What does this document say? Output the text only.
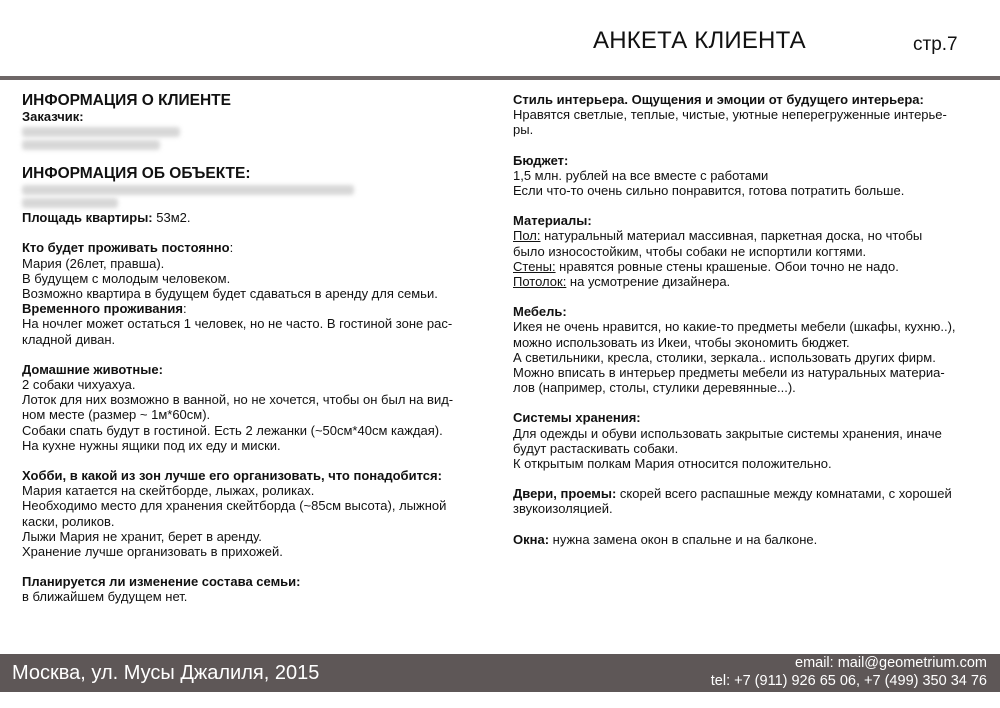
АНКЕТА КЛИЕНТА	стр.7
ИНФОРМАЦИЯ О КЛИЕНТЕ
Заказчик:
ИНФОРМАЦИЯ ОБ ОБЪЕКТЕ:
Площадь квартиры: 53м2.
Кто будет проживать постоянно:
Мария (26лет, правша).
В будущем с молодым человеком.
Возможно квартира в будущем будет сдаваться в аренду для семьи.
Временного проживания:
На ночлег может остаться 1 человек, но не часто. В гостиной зоне рас-
кладной диван.
Домашние животные:
2 собаки чихуахуа.
Лоток для них возможно в ванной, но не хочется, чтобы он был на вид-
ном месте (размер ~ 1м*60см).
Собаки спать будут в гостиной. Есть 2 лежанки (~50см*40см каждая).
На кухне нужны ящики под их еду и миски.
Хобби, в какой из зон лучше его организовать, что понадобится:
Мария катается на скейтборде, лыжах, роликах.
Необходимо место для хранения скейтборда (~85см высота), лыжной
каски, роликов.
Лыжи Мария не хранит, берет в аренду.
Хранение лучше организовать в прихожей.
Планируется ли изменение состава семьи:
в ближайшем будущем нет.
Стиль интерьера. Ощущения и эмоции от будущего интерьера:
Нравятся светлые, теплые, чистые, уютные неперегруженные интерье-
ры.
Бюджет:
1,5 млн. рублей на все вместе с работами
Если что-то очень сильно понравится, готова потратить больше.
Материалы:
Пол: натуральный материал массивная, паркетная доска, но чтобы
было износостойким, чтобы собаки не испортили когтями.
Стены: нравятся ровные стены крашеные. Обои точно не надо.
Потолок: на усмотрение дизайнера.
Мебель:
Икея не очень нравится, но какие-то предметы мебели (шкафы, кухню..),
можно использовать из Икеи, чтобы экономить бюджет.
А светильники, кресла, столики, зеркала.. использовать других фирм.
Можно вписать в интерьер предметы мебели из натуральных материа-
лов (например, столы, стулики деревянные...).
Системы хранения:
Для одежды и обуви использовать закрытые системы хранения, иначе
будут растаскивать собаки.
К открытым полкам Мария относится положительно.
Двери, проемы: скорей всего распашные между комнатами, с хорошей
звукоизоляцией.
Окна: нужна замена окон в спальне и на балконе.
Москва, ул. Мусы Джалиля, 2015	email: mail@geometrium.com
tel: +7 (911) 926 65 06, +7 (499) 350 34 76
